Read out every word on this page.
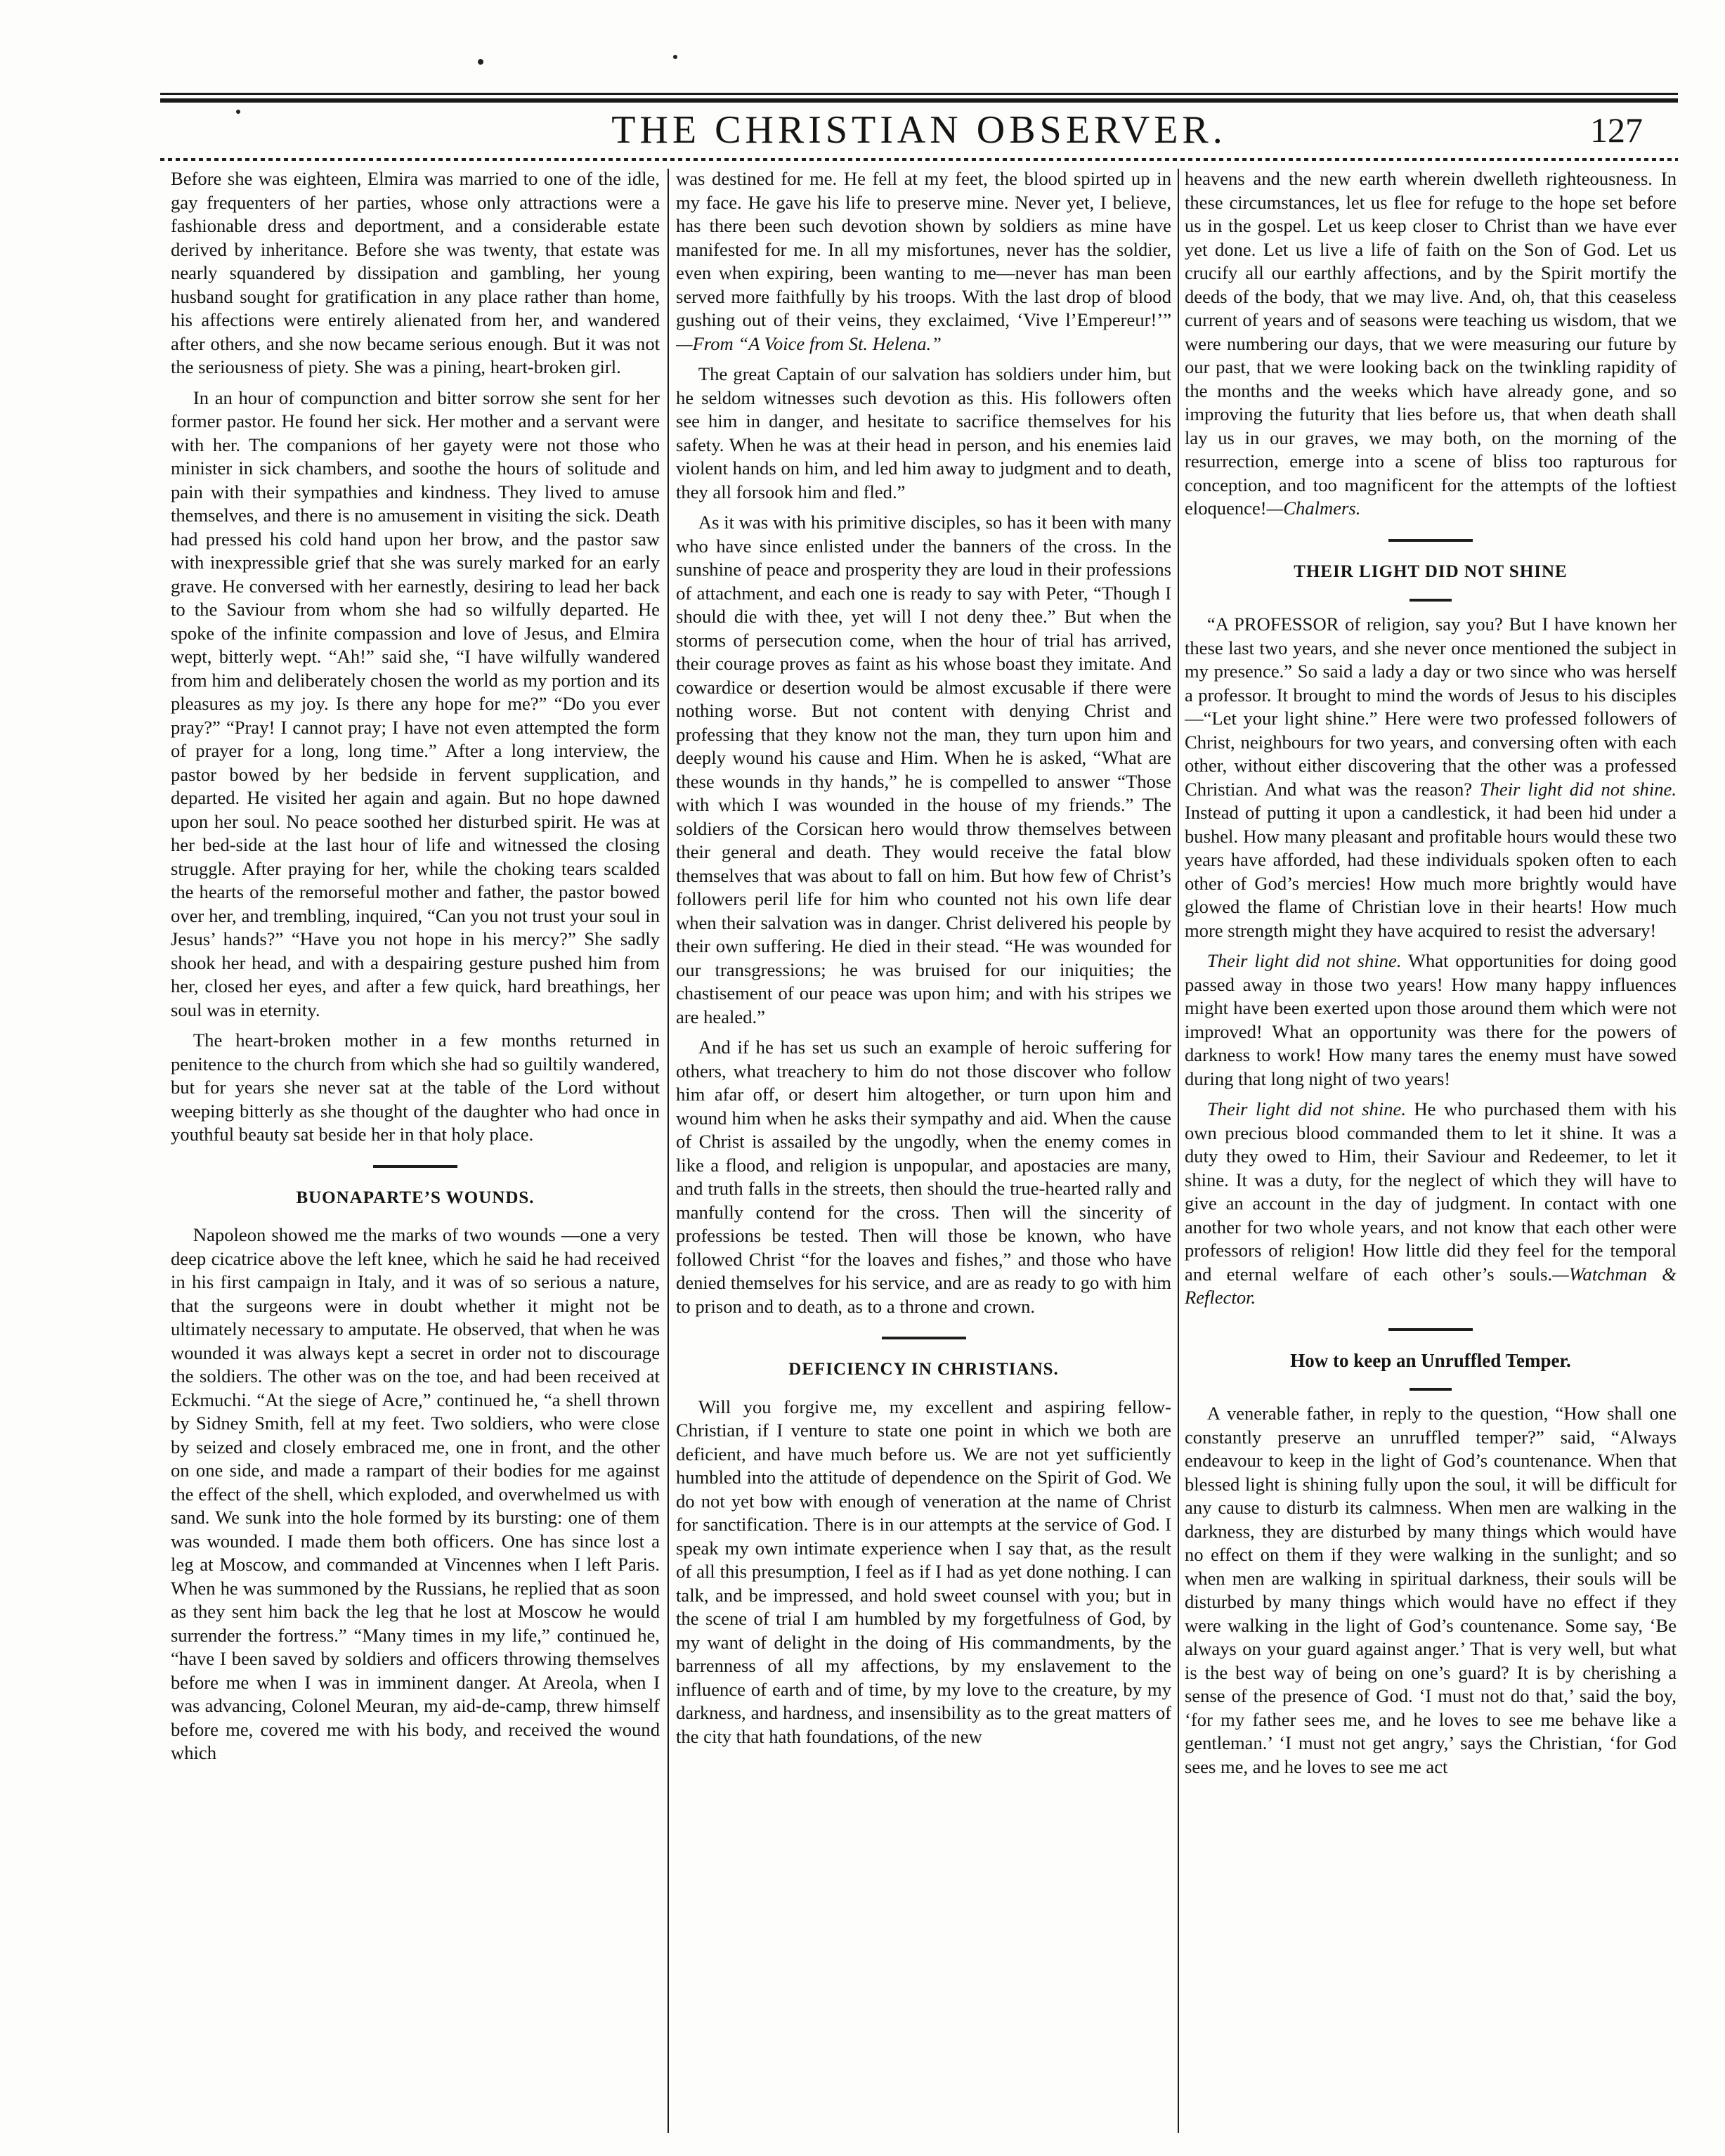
THE CHRISTIAN OBSERVER.	127

Before she was eighteen, Elmira was married to one of the idle, gay frequenters of her parties, whose only attractions were a fashionable dress and deportment, and a considerable estate derived by inheritance. Before she was twenty, that estate was nearly squandered by dissipation and gambling, her young husband sought for gratification in any place rather than home, his affections were entirely alienated from her, and wandered after others, and she now became serious enough. But it was not the seriousness of piety. She was a pining, heart-broken girl.

In an hour of compunction and bitter sorrow she sent for her former pastor. He found her sick. Her mother and a servant were with her. The companions of her gayety were not those who minister in sick chambers, and soothe the hours of solitude and pain with their sympathies and kindness. They lived to amuse themselves, and there is no amusement in visiting the sick. Death had pressed his cold hand upon her brow, and the pastor saw with inexpressible grief that she was surely marked for an early grave. He conversed with her earnestly, desiring to lead her back to the Saviour from whom she had so wilfully departed. He spoke of the infinite compassion and love of Jesus, and Elmira wept, bitterly wept. “Ah!” said she, “I have wilfully wandered from him and deliberately chosen the world as my portion and its pleasures as my joy. Is there any hope for me?” “Do you ever pray?” “Pray! I cannot pray; I have not even attempted the form of prayer for a long, long time.” After a long interview, the pastor bowed by her bedside in fervent supplication, and departed. He visited her again and again. But no hope dawned upon her soul. No peace soothed her disturbed spirit. He was at her bed-side at the last hour of life and witnessed the closing struggle. After praying for her, while the choking tears scalded the hearts of the remorseful mother and father, the pastor bowed over her, and trembling, inquired, “Can you not trust your soul in Jesus’ hands?” “Have you not hope in his mercy?” She sadly shook her head, and with a despairing gesture pushed him from her, closed her eyes, and after a few quick, hard breathings, her soul was in eternity.

The heart-broken mother in a few months returned in penitence to the church from which she had so guiltily wandered, but for years she never sat at the table of the Lord without weeping bitterly as she thought of the daughter who had once in youthful beauty sat beside her in that holy place.

BUONAPARTE’S WOUNDS.

Napoleon showed me the marks of two wounds —one a very deep cicatrice above the left knee, which he said he had received in his first campaign in Italy, and it was of so serious a nature, that the surgeons were in doubt whether it might not be ultimately necessary to amputate. He observed, that when he was wounded it was always kept a secret in order not to discourage the soldiers. The other was on the toe, and had been received at Eckmuchi. “At the siege of Acre,” continued he, “a shell thrown by Sidney Smith, fell at my feet. Two soldiers, who were close by seized and closely embraced me, one in front, and the other on one side, and made a rampart of their bodies for me against the effect of the shell, which exploded, and overwhelmed us with sand. We sunk into the hole formed by its bursting: one of them was wounded. I made them both officers. One has since lost a leg at Moscow, and commanded at Vincennes when I left Paris. When he was summoned by the Russians, he replied that as soon as they sent him back the leg that he lost at Moscow he would surrender the fortress.” “Many times in my life,” continued he, “have I been saved by soldiers and officers throwing themselves before me when I was in imminent danger. At Areola, when I was advancing, Colonel Meuran, my aid-de-camp, threw himself before me, covered me with his body, and received the wound which

was destined for me. He fell at my feet, the blood spirted up in my face. He gave his life to preserve mine. Never yet, I believe, has there been such devotion shown by soldiers as mine have manifested for me. In all my misfortunes, never has the soldier, even when expiring, been wanting to me—never has man been served more faithfully by his troops. With the last drop of blood gushing out of their veins, they exclaimed, ‘Vive l’Empereur!’” —From “A Voice from St. Helena.”

The great Captain of our salvation has soldiers under him, but he seldom witnesses such devotion as this. His followers often see him in danger, and hesitate to sacrifice themselves for his safety. When he was at their head in person, and his enemies laid violent hands on him, and led him away to judgment and to death, they all forsook him and fled.”

As it was with his primitive disciples, so has it been with many who have since enlisted under the banners of the cross. In the sunshine of peace and prosperity they are loud in their professions of attachment, and each one is ready to say with Peter, “Though I should die with thee, yet will I not deny thee.” But when the storms of persecution come, when the hour of trial has arrived, their courage proves as faint as his whose boast they imitate. And cowardice or desertion would be almost excusable if there were nothing worse. But not content with denying Christ and professing that they know not the man, they turn upon him and deeply wound his cause and Him. When he is asked, “What are these wounds in thy hands,” he is compelled to answer “Those with which I was wounded in the house of my friends.” The soldiers of the Corsican hero would throw themselves between their general and death. They would receive the fatal blow themselves that was about to fall on him. But how few of Christ’s followers peril life for him who counted not his own life dear when their salvation was in danger. Christ delivered his people by their own suffering. He died in their stead. “He was wounded for our transgressions; he was bruised for our iniquities; the chastisement of our peace was upon him; and with his stripes we are healed.”

And if he has set us such an example of heroic suffering for others, what treachery to him do not those discover who follow him afar off, or desert him altogether, or turn upon him and wound him when he asks their sympathy and aid. When the cause of Christ is assailed by the ungodly, when the enemy comes in like a flood, and religion is unpopular, and apostacies are many, and truth falls in the streets, then should the true-hearted rally and manfully contend for the cross. Then will the sincerity of professions be tested. Then will those be known, who have followed Christ “for the loaves and fishes,” and those who have denied themselves for his service, and are as ready to go with him to prison and to death, as to a throne and crown.

DEFICIENCY IN CHRISTIANS.

Will you forgive me, my excellent and aspiring fellow-Christian, if I venture to state one point in which we both are deficient, and have much before us. We are not yet sufficiently humbled into the attitude of dependence on the Spirit of God. We do not yet bow with enough of veneration at the name of Christ for sanctification. There is in our attempts at the service of God. I speak my own intimate experience when I say that, as the result of all this presumption, I feel as if I had as yet done nothing. I can talk, and be impressed, and hold sweet counsel with you; but in the scene of trial I am humbled by my forgetfulness of God, by my want of delight in the doing of His commandments, by the barrenness of all my affections, by my enslavement to the influence of earth and of time, by my love to the creature, by my darkness, and hardness, and insensibility as to the great matters of the city that hath foundations, of the new

heavens and the new earth wherein dwelleth righteousness. In these circumstances, let us flee for refuge to the hope set before us in the gospel. Let us keep closer to Christ than we have ever yet done. Let us live a life of faith on the Son of God. Let us crucify all our earthly affections, and by the Spirit mortify the deeds of the body, that we may live. And, oh, that this ceaseless current of years and of seasons were teaching us wisdom, that we were numbering our days, that we were measuring our future by our past, that we were looking back on the twinkling rapidity of the months and the weeks which have already gone, and so improving the futurity that lies before us, that when death shall lay us in our graves, we may both, on the morning of the resurrection, emerge into a scene of bliss too rapturous for conception, and too magnificent for the attempts of the loftiest eloquence!—Chalmers.

THEIR LIGHT DID NOT SHINE

“A PROFESSOR of religion, say you? But I have known her these last two years, and she never once mentioned the subject in my presence.” So said a lady a day or two since who was herself a professor. It brought to mind the words of Jesus to his disciples—“Let your light shine.” Here were two professed followers of Christ, neighbours for two years, and conversing often with each other, without either discovering that the other was a professed Christian. And what was the reason? Their light did not shine. Instead of putting it upon a candlestick, it had been hid under a bushel. How many pleasant and profitable hours would these two years have afforded, had these individuals spoken often to each other of God’s mercies! How much more brightly would have glowed the flame of Christian love in their hearts! How much more strength might they have acquired to resist the adversary!

Their light did not shine. What opportunities for doing good passed away in those two years! How many happy influences might have been exerted upon those around them which were not improved! What an opportunity was there for the powers of darkness to work! How many tares the enemy must have sowed during that long night of two years!

Their light did not shine. He who purchased them with his own precious blood commanded them to let it shine. It was a duty they owed to Him, their Saviour and Redeemer, to let it shine. It was a duty, for the neglect of which they will have to give an account in the day of judgment. In contact with one another for two whole years, and not know that each other were professors of religion! How little did they feel for the temporal and eternal welfare of each other’s souls.—Watchman & Reflector.

How to keep an Unruffled Temper.

A venerable father, in reply to the question, “How shall one constantly preserve an unruffled temper?” said, “Always endeavour to keep in the light of God’s countenance. When that blessed light is shining fully upon the soul, it will be difficult for any cause to disturb its calmness. When men are walking in the darkness, they are disturbed by many things which would have no effect on them if they were walking in the sunlight; and so when men are walking in spiritual darkness, their souls will be disturbed by many things which would have no effect if they were walking in the light of God’s countenance. Some say, ‘Be always on your guard against anger.’ That is very well, but what is the best way of being on one’s guard? It is by cherishing a sense of the presence of God. ‘I must not do that,’ said the boy, ‘for my father sees me, and he loves to see me behave like a gentleman.’ ‘I must not get angry,’ says the Christian, ‘for God sees me, and he loves to see me act
